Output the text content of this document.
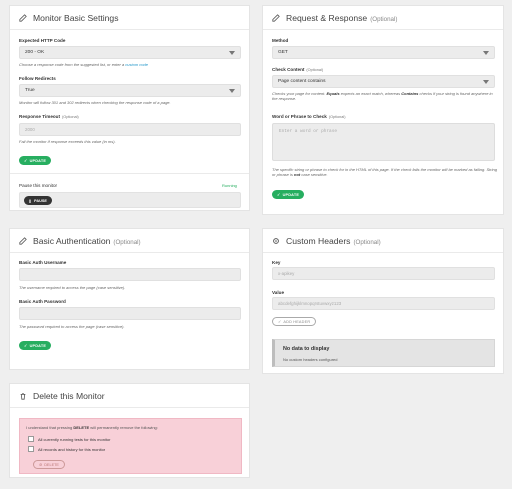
Monitor Basic Settings
Expected HTTP Code
200 - OK
Choose a response code from the suggested list, or enter a custom code
Follow Redirects
True
Monitor will follow 301 and 302 redirects when checking the response code of a page.
Response Timeout (Optional)
2000
Fail the monitor if response exceeds this value (in ms).
✓ UPDATE
Pause this monitor	Running
|| PAUSE
Request & Response (Optional)
Method
GET
Check Content (Optional)
Page content contains
Checks your page for content. Equals expects an exact match, whereas Contains checks if your string is found anywhere in the response.
Word or Phrase to Check (Optional)
Enter a word or phrase
The specific string or phrase to check for in the HTML of this page. If the check fails the monitor will be marked as failing. String or phrase is not case sensitive.
✓ UPDATE
Basic Authentication (Optional)
Basic Auth Username
The username required to access the page (case sensitive).
Basic Auth Password
The password required to access the page (case sensitive).
✓ UPDATE
Custom Headers (Optional)
Key
x-apikey
Value
abcdefghijklmnopqrstuvwxyz123
✓ ADD HEADER
No data to display
No custom headers configured
Delete this Monitor
I understand that pressing DELETE will permanently remove the following:
All currently running tests for this monitor
All records and history for this monitor
⊘ DELETE
